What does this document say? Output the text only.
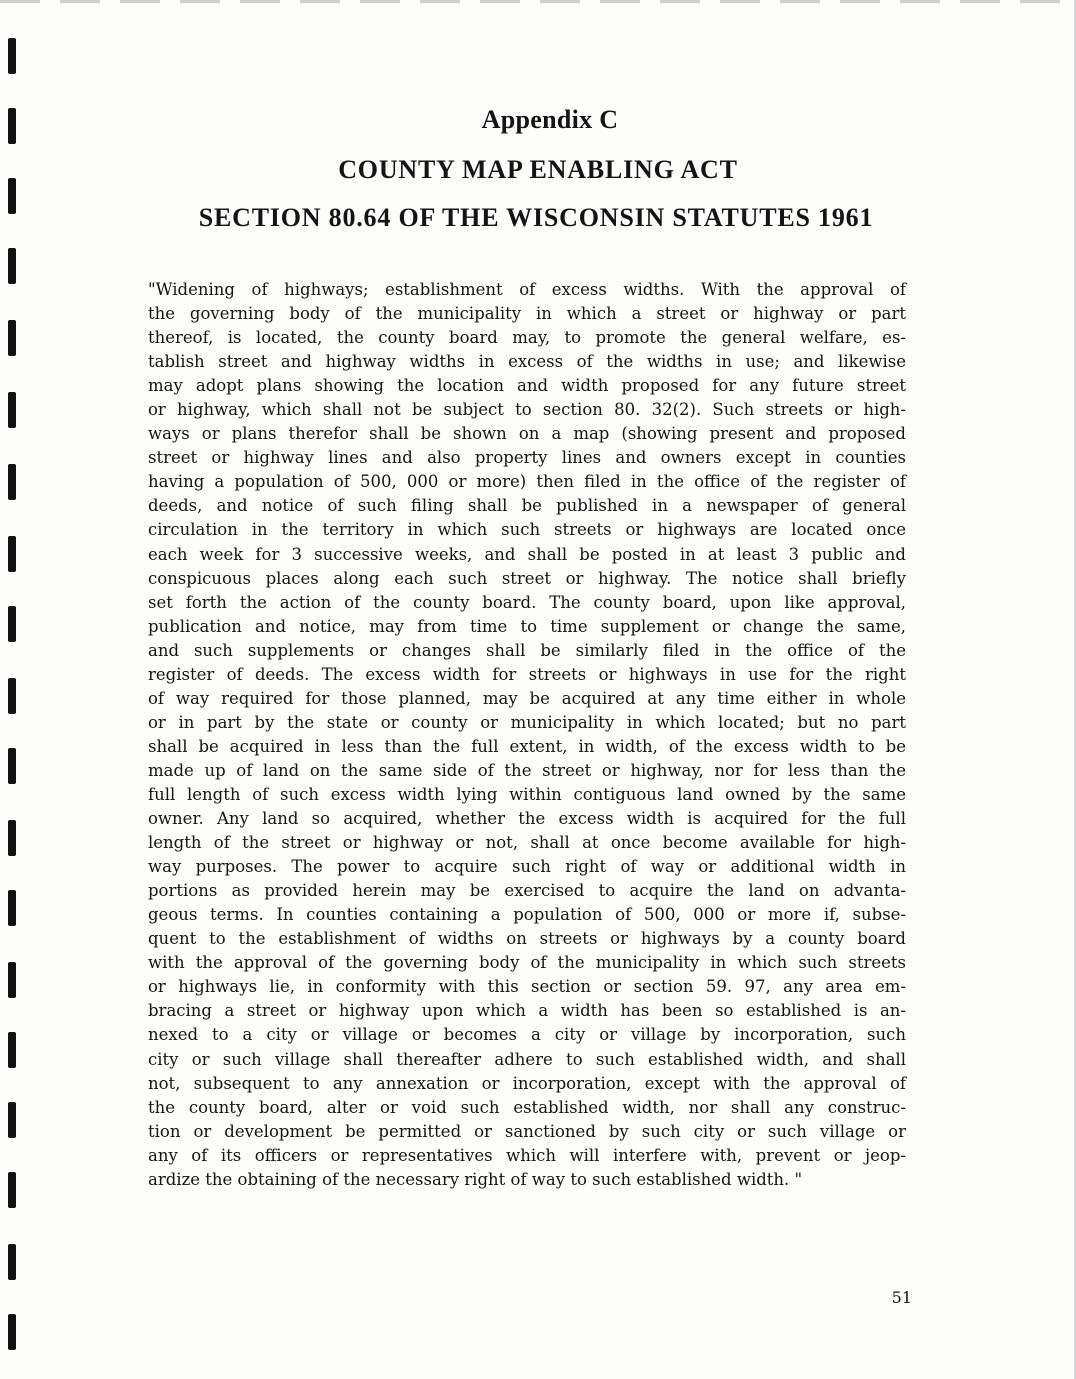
Appendix C
COUNTY MAP ENABLING ACT
SECTION 80.64 OF THE WISCONSIN STATUTES 1961

"Widening of highways; establishment of excess widths. With the approval of
the governing body of the municipality in which a street or highway or part
thereof, is located, the county board may, to promote the general welfare, es-
tablish street and highway widths in excess of the widths in use; and likewise
may adopt plans showing the location and width proposed for any future street
or highway, which shall not be subject to section 80. 32(2). Such streets or high-
ways or plans therefor shall be shown on a map (showing present and proposed
street or highway lines and also property lines and owners except in counties
having a population of 500, 000 or more) then filed in the office of the register of
deeds, and notice of such filing shall be published in a newspaper of general
circulation in the territory in which such streets or highways are located once
each week for 3 successive weeks, and shall be posted in at least 3 public and
conspicuous places along each such street or highway. The notice shall briefly
set forth the action of the county board. The county board, upon like approval,
publication and notice, may from time to time supplement or change the same,
and such supplements or changes shall be similarly filed in the office of the
register of deeds. The excess width for streets or highways in use for the right
of way required for those planned, may be acquired at any time either in whole
or in part by the state or county or municipality in which located; but no part
shall be acquired in less than the full extent, in width, of the excess width to be
made up of land on the same side of the street or highway, nor for less than the
full length of such excess width lying within contiguous land owned by the same
owner. Any land so acquired, whether the excess width is acquired for the full
length of the street or highway or not, shall at once become available for high-
way purposes. The power to acquire such right of way or additional width in
portions as provided herein may be exercised to acquire the land on advanta-
geous terms. In counties containing a population of 500, 000 or more if, subse-
quent to the establishment of widths on streets or highways by a county board
with the approval of the governing body of the municipality in which such streets
or highways lie, in conformity with this section or section 59. 97, any area em-
bracing a street or highway upon which a width has been so established is an-
nexed to a city or village or becomes a city or village by incorporation, such
city or such village shall thereafter adhere to such established width, and shall
not, subsequent to any annexation or incorporation, except with the approval of
the county board, alter or void such established width, nor shall any construc-
tion or development be permitted or sanctioned by such city or such village or
any of its officers or representatives which will interfere with, prevent or jeop-
ardize the obtaining of the necessary right of way to such established width. "

51
